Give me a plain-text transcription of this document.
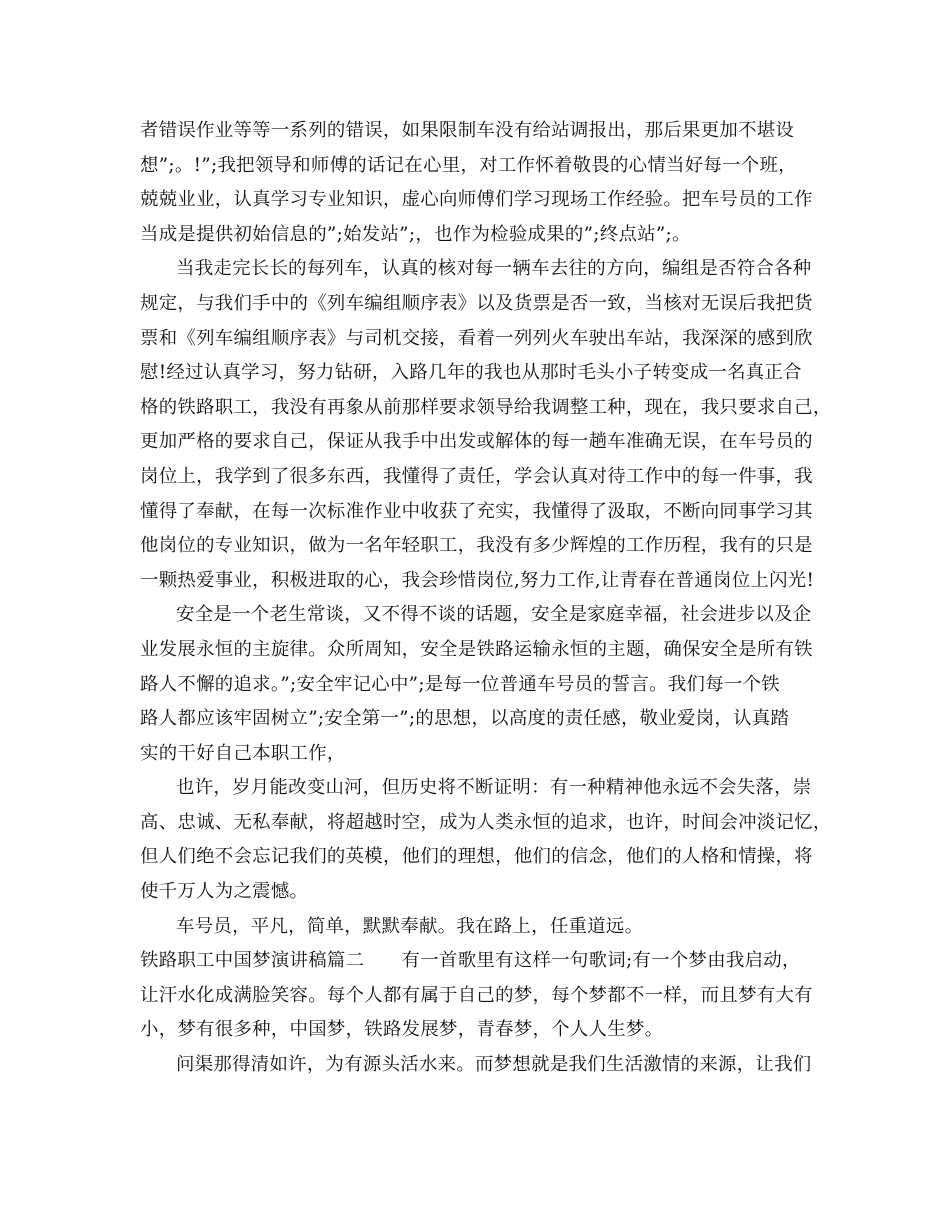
者错误作业等等一系列的错误，如果限制车没有给站调报出，那后果更加不堪设
想”;。!”;我把领导和师傅的话记在心里，对工作怀着敬畏的心情当好每一个班，
兢兢业业，认真学习专业知识，虚心向师傅们学习现场工作经验。把车号员的工作
当成是提供初始信息的”;始发站”;，也作为检验成果的”;终点站”;。
当我走完长长的每列车，认真的核对每一辆车去往的方向，编组是否符合各种
规定，与我们手中的《列车编组顺序表》以及货票是否一致，当核对无误后我把货
票和《列车编组顺序表》与司机交接，看着一列列火车驶出车站，我深深的感到欣
慰!经过认真学习，努力钻研，入路几年的我也从那时毛头小子转变成一名真正合
格的铁路职工，我没有再象从前那样要求领导给我调整工种，现在，我只要求自己，
更加严格的要求自己，保证从我手中出发或解体的每一趟车准确无误，在车号员的
岗位上，我学到了很多东西，我懂得了责任，学会认真对待工作中的每一件事，我
懂得了奉献，在每一次标准作业中收获了充实，我懂得了汲取，不断向同事学习其
他岗位的专业知识，做为一名年轻职工，我没有多少辉煌的工作历程，我有的只是
一颗热爱事业，积极进取的心，我会珍惜岗位,努力工作,让青春在普通岗位上闪光!
安全是一个老生常谈，又不得不谈的话题，安全是家庭幸福，社会进步以及企
业发展永恒的主旋律。众所周知，安全是铁路运输永恒的主题，确保安全是所有铁
路人不懈的追求。”;安全牢记心中”;是每一位普通车号员的誓言。我们每一个铁
路人都应该牢固树立”;安全第一”;的思想，以高度的责任感，敬业爱岗，认真踏
实的干好自己本职工作，
也许，岁月能改变山河，但历史将不断证明：有一种精神他永远不会失落，崇
高、忠诚、无私奉献，将超越时空，成为人类永恒的追求，也许，时间会冲淡记忆，
但人们绝不会忘记我们的英模，他们的理想，他们的信念，他们的人格和情操，将
使千万人为之震憾。
车号员，平凡，简单，默默奉献。我在路上，任重道远。
铁路职工中国梦演讲稿篇二　　有一首歌里有这样一句歌词;有一个梦由我启动，
让汗水化成满脸笑容。每个人都有属于自己的梦，每个梦都不一样，而且梦有大有
小，梦有很多种，中国梦，铁路发展梦，青春梦，个人人生梦。
问渠那得清如许，为有源头活水来。而梦想就是我们生活激情的来源，让我们
